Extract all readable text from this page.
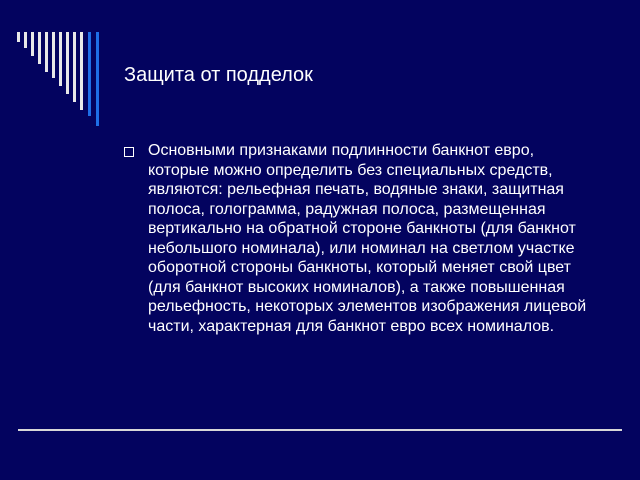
Защита от подделок
Основными признаками подлинности банкнот евро, которые можно определить без специальных средств, являются: рельефная печать, водяные знаки, защитная полоса, голограмма, радужная полоса, размещенная вертикально на обратной стороне банкноты (для банкнот небольшого номинала), или номинал на светлом участке оборотной стороны банкноты, который меняет свой цвет (для банкнот высоких номиналов), а также повышенная рельефность, некоторых элементов изображения лицевой части, характерная для банкнот евро всех номиналов.
